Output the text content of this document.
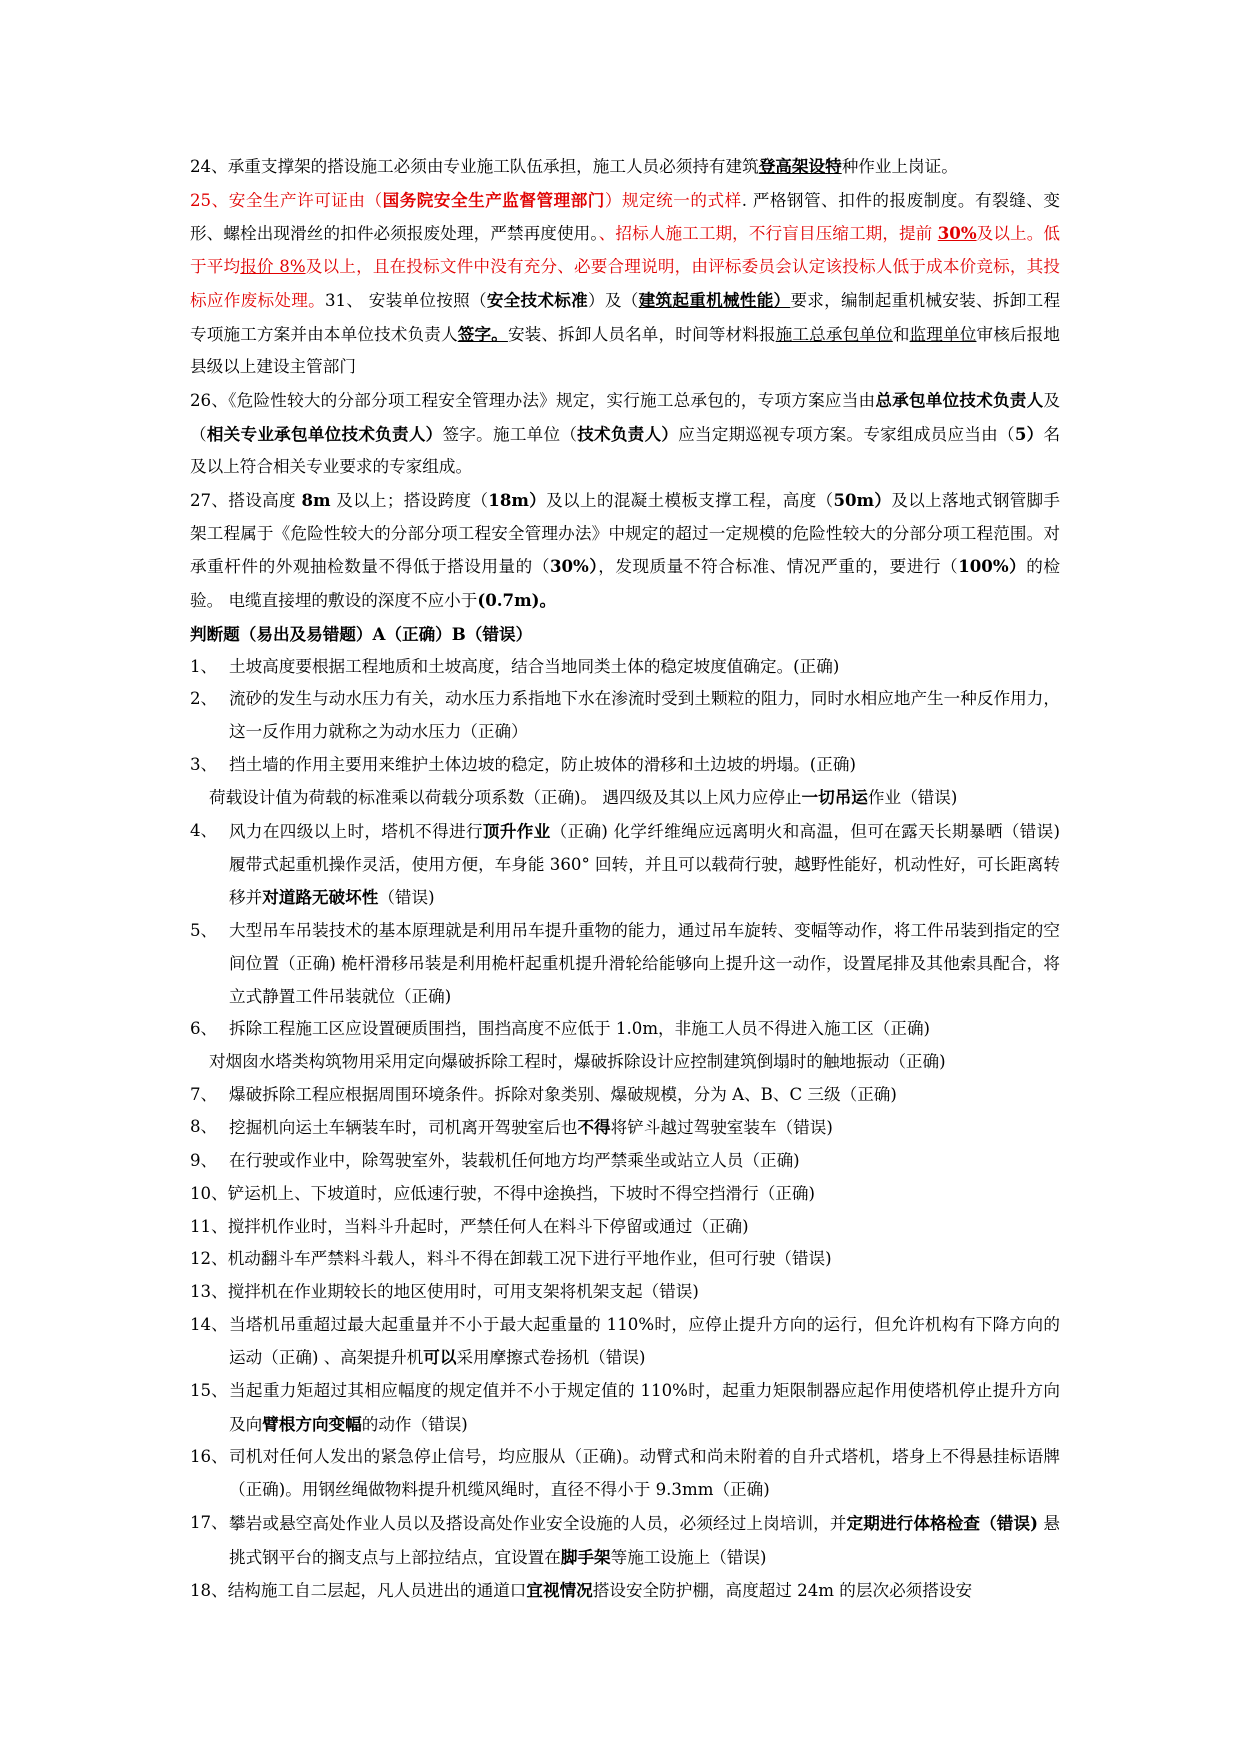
24、承重支撑架的搭设施工必须由专业施工队伍承担，施工人员必须持有建筑登高架设特种作业上岗证。

25、安全生产许可证由（国务院安全生产监督管理部门）规定统一的式样. 严格钢管、扣件的报废制度。有裂缝、变形、螺栓出现滑丝的扣件必须报废处理，严禁再度使用。、招标人施工工期，不行盲目压缩工期，提前 30%及以上。低于平均报价 8%及以上，且在投标文件中没有充分、必要合理说明，由评标委员会认定该投标人低于成本价竞标，其投标应作废标处理。31、 安装单位按照（安全技术标准）及（建筑起重机械性能）要求，编制起重机械安装、拆卸工程专项施工方案并由本单位技术负责人签字。安装、拆卸人员名单，时间等材料报施工总承包单位和监理单位审核后报地县级以上建设主管部门

26、《危险性较大的分部分项工程安全管理办法》规定，实行施工总承包的，专项方案应当由总承包单位技术负责人及（相关专业承包单位技术负责人）签字。施工单位（技术负责人）应当定期巡视专项方案。专家组成员应当由（5）名及以上符合相关专业要求的专家组成。

27、搭设高度 8m 及以上；搭设跨度（18m）及以上的混凝土模板支撑工程，高度（50m）及以上落地式钢管脚手架工程属于《危险性较大的分部分项工程安全管理办法》中规定的超过一定规模的危险性较大的分部分项工程范围。对承重杆件的外观抽检数量不得低于搭设用量的（30%），发现质量不符合标准、情况严重的，要进行（100%）的检验。 电缆直接埋的敷设的深度不应小于(0.7m)。

判断题（易出及易错题）A（正确）B（错误）

1、 土坡高度要根据工程地质和土坡高度，结合当地同类土体的稳定坡度值确定。(正确)
2、 流砂的发生与动水压力有关，动水压力系指地下水在渗流时受到土颗粒的阻力，同时水相应地产生一种反作用力，这一反作用力就称之为动水压力（正确）
3、 挡土墙的作用主要用来维护土体边坡的稳定，防止坡体的滑移和土边坡的坍塌。(正确)

荷载设计值为荷载的标准乘以荷载分项系数（正确)。 遇四级及其以上风力应停止一切吊运作业（错误)

4、 风力在四级以上时，塔机不得进行顶升作业（正确) 化学纤维绳应远离明火和高温，但可在露天长期暴晒（错误) 履带式起重机操作灵活，使用方便，车身能 360° 回转，并且可以载荷行驶，越野性能好，机动性好，可长距离转移并对道路无破坏性（错误)
5、 大型吊车吊装技术的基本原理就是利用吊车提升重物的能力，通过吊车旋转、变幅等动作，将工件吊装到指定的空间位置（正确) 桅杆滑移吊装是利用桅杆起重机提升滑轮给能够向上提升这一动作，设置尾排及其他索具配合，将立式静置工件吊装就位（正确)
6、 拆除工程施工区应设置硬质围挡，围挡高度不应低于 1.0m，非施工人员不得进入施工区（正确)

对烟囱水塔类构筑物用采用定向爆破拆除工程时，爆破拆除设计应控制建筑倒塌时的触地振动（正确)

7、 爆破拆除工程应根据周围环境条件。拆除对象类别、爆破规模，分为 A、B、C 三级（正确)
8、 挖掘机向运土车辆装车时，司机离开驾驶室后也不得将铲斗越过驾驶室装车（错误)
9、 在行驶或作业中，除驾驶室外，装载机任何地方均严禁乘坐或站立人员（正确)

10、铲运机上、下坡道时，应低速行驶，不得中途换挡，下坡时不得空挡滑行（正确)

11、搅拌机作业时，当料斗升起时，严禁任何人在料斗下停留或通过（正确)

12、机动翻斗车严禁料斗载人，料斗不得在卸载工况下进行平地作业，但可行驶（错误)

13、搅拌机在作业期较长的地区使用时，可用支架将机架支起（错误)

14、 当塔机吊重超过最大起重量并不小于最大起重量的 110%时，应停止提升方向的运行，但允许机构有下降方向的运动（正确) 、高架提升机可以采用摩擦式卷扬机（错误)
15、 当起重力矩超过其相应幅度的规定值并不小于规定值的 110%时，起重力矩限制器应起作用使塔机停止提升方向及向臂根方向变幅的动作（错误)
16、 司机对任何人发出的紧急停止信号，均应服从（正确)。动臂式和尚未附着的自升式塔机，塔身上不得悬挂标语牌（正确)。用钢丝绳做物料提升机缆风绳时，直径不得小于 9.3mm（正确)
17、 攀岩或悬空高处作业人员以及搭设高处作业安全设施的人员，必须经过上岗培训，并定期进行体格检查（错误) 悬挑式钢平台的搁支点与上部拉结点，宜设置在脚手架等施工设施上（错误)

18、结构施工自二层起，凡人员进出的通道口宜视情况搭设安全防护棚，高度超过 24m 的层次必须搭设安
